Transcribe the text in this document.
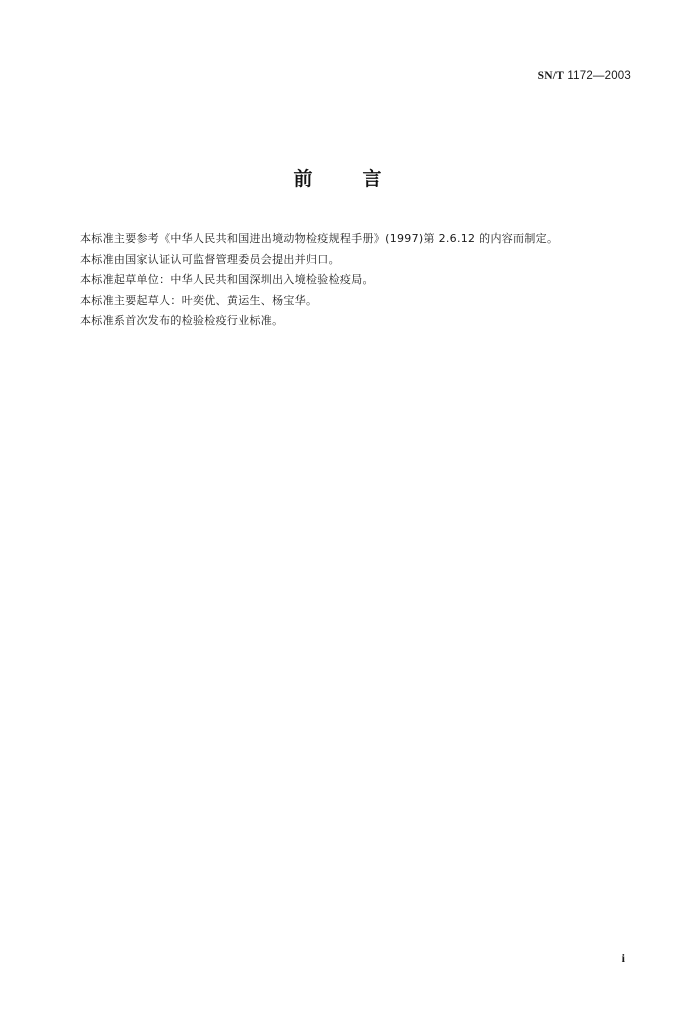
SN/T 1172—2003
前言
本标准主要参考《中华人民共和国进出境动物检疫规程手册》(1997)第 2.6.12 的内容而制定。
本标准由国家认证认可监督管理委员会提出并归口。
本标准起草单位：中华人民共和国深圳出入境检验检疫局。
本标准主要起草人：叶奕优、黄运生、杨宝华。
本标准系首次发布的检验检疫行业标准。
i
